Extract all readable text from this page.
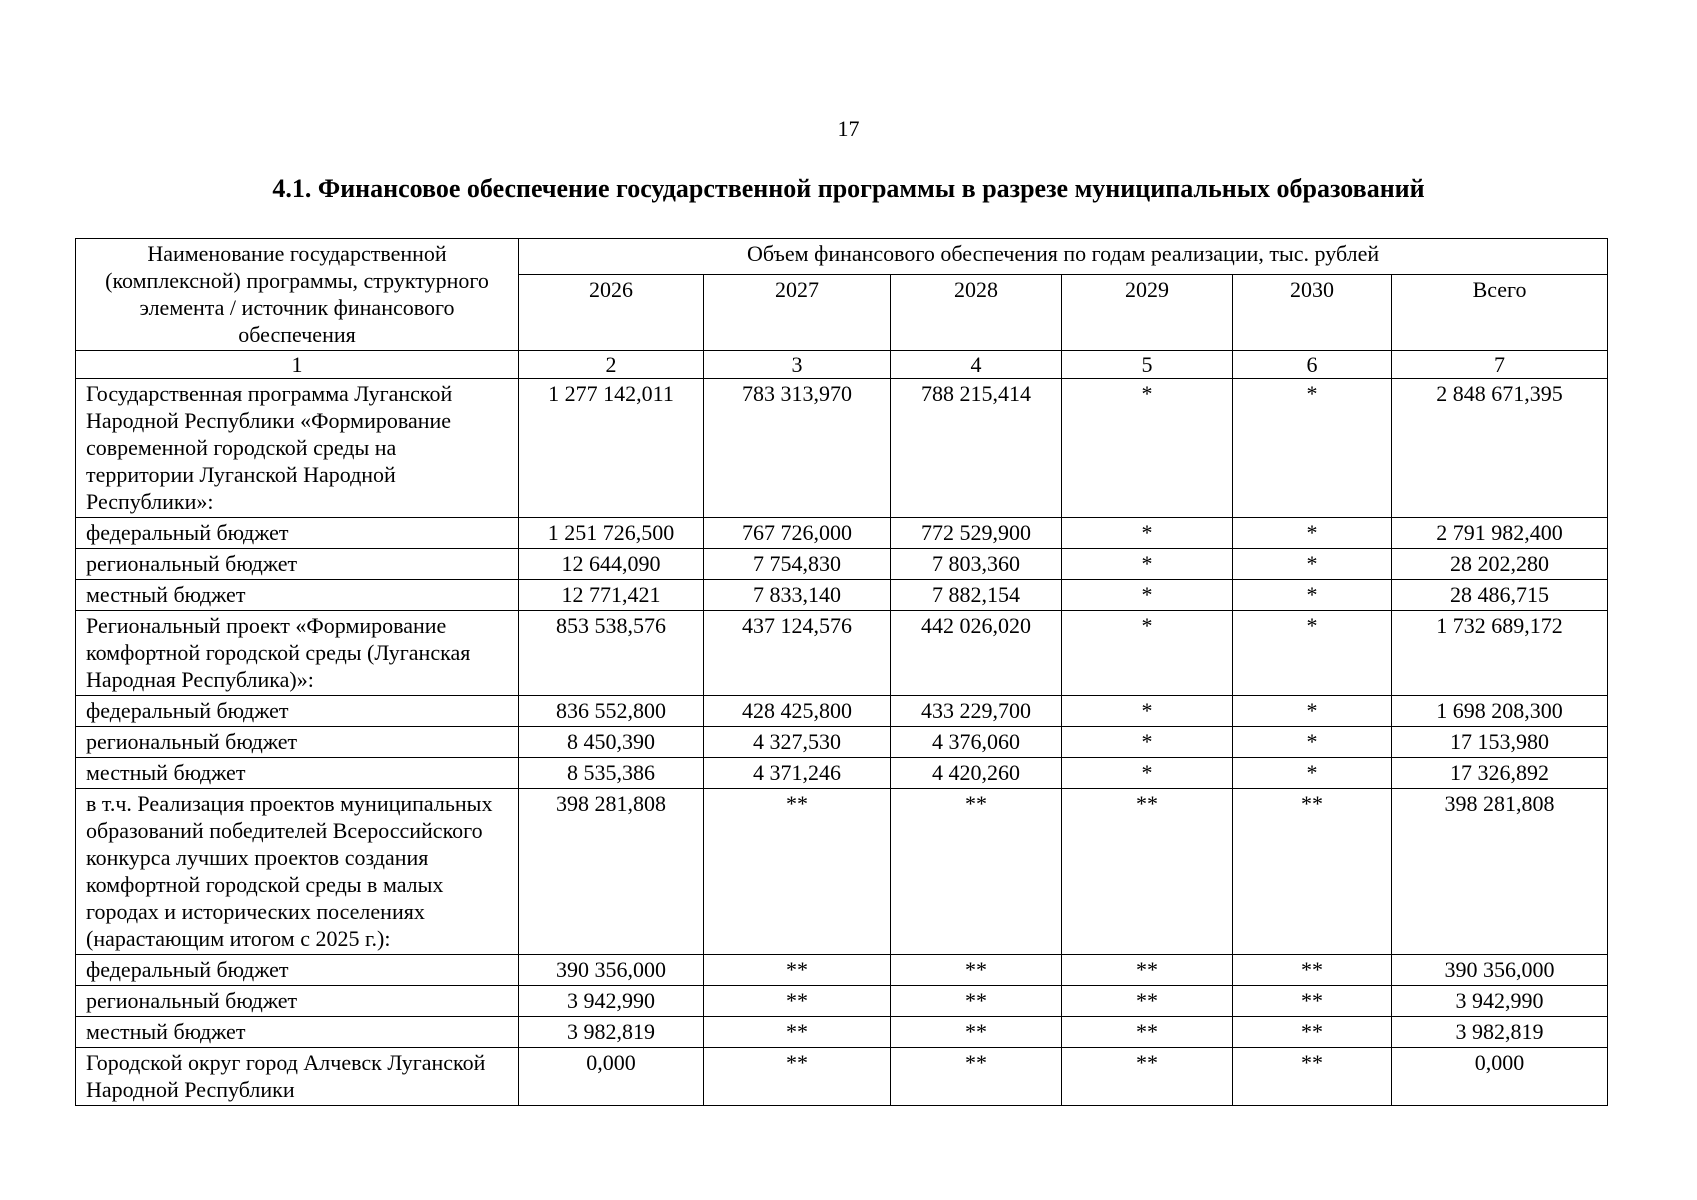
17
4.1. Финансовое обеспечение государственной программы в разрезе муниципальных образований
Наименование государственной (комплексной) программы, структурного элемента / источник финансового обеспечения	Объем финансового обеспечения по годам реализации, тыс. рублей					
	2026	2027	2028	2029	2030	Всего
1	2	3	4	5	6	7
Государственная программа Луганской Народной Республики «Формирование современной городской среды на территории Луганской Народной Республики»:	1 277 142,011	783 313,970	788 215,414	*	*	2 848 671,395
федеральный бюджет	1 251 726,500	767 726,000	772 529,900	*	*	2 791 982,400
региональный бюджет	12 644,090	7 754,830	7 803,360	*	*	28 202,280
местный бюджет	12 771,421	7 833,140	7 882,154	*	*	28 486,715
Региональный проект «Формирование комфортной городской среды (Луганская Народная Республика)»:	853 538,576	437 124,576	442 026,020	*	*	1 732 689,172
федеральный бюджет	836 552,800	428 425,800	433 229,700	*	*	1 698 208,300
региональный бюджет	8 450,390	4 327,530	4 376,060	*	*	17 153,980
местный бюджет	8 535,386	4 371,246	4 420,260	*	*	17 326,892
в т.ч. Реализация проектов муниципальных образований победителей Всероссийского конкурса лучших проектов создания комфортной городской среды в малых городах и исторических поселениях (нарастающим итогом с 2025 г.):	398 281,808	**	**	**	**	398 281,808
федеральный бюджет	390 356,000	**	**	**	**	390 356,000
региональный бюджет	3 942,990	**	**	**	**	3 942,990
местный бюджет	3 982,819	**	**	**	**	3 982,819
Городской округ город Алчевск Луганской Народной Республики	0,000	**	**	**	**	0,000
